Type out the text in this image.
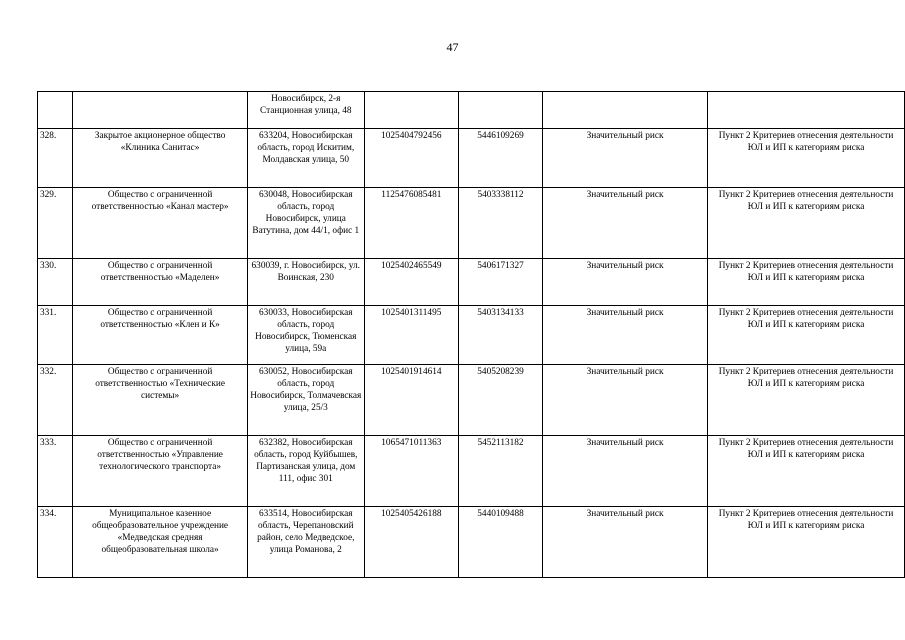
47
		Новосибирск, 2-я Станционная улица, 48				
328.	Закрытое акционерное общество «Клиника Санитас»	633204, Новосибирская область, город Искитим, Молдавская улица, 50	1025404792456	5446109269	Значительный риск	Пункт 2 Критериев отнесения деятельности ЮЛ и ИП к категориям риска
329.	Общество с ограниченной ответственностью «Канал мастер»	630048, Новосибирская область, город Новосибирск, улица Ватутина, дом 44/1, офис 1	1125476085481	5403338112	Значительный риск	Пункт 2 Критериев отнесения деятельности ЮЛ и ИП к категориям риска
330.	Общество с ограниченной ответственностью «Маделен»	630039, г. Новосибирск, ул. Воинская, 230	1025402465549	5406171327	Значительный риск	Пункт 2 Критериев отнесения деятельности ЮЛ и ИП к категориям риска
331.	Общество с ограниченной ответственностью «Клен и К»	630033, Новосибирская область, город Новосибирск, Тюменская улица, 59а	1025401311495	5403134133	Значительный риск	Пункт 2 Критериев отнесения деятельности ЮЛ и ИП к категориям риска
332.	Общество с ограниченной ответственностью «Технические системы»	630052, Новосибирская область, город Новосибирск, Толмачевская улица, 25/3	1025401914614	5405208239	Значительный риск	Пункт 2 Критериев отнесения деятельности ЮЛ и ИП к категориям риска
333.	Общество с ограниченной ответственностью «Управление технологического транспорта»	632382, Новосибирская область, город Куйбышев, Партизанская улица, дом 111, офис 301	1065471011363	5452113182	Значительный риск	Пункт 2 Критериев отнесения деятельности ЮЛ и ИП к категориям риска
334.	Муниципальное казенное общеобразовательное учреждение «Медведская средняя общеобразовательная школа»	633514, Новосибирская область, Черепановский район, село Медведское, улица Романова, 2	1025405426188	5440109488	Значительный риск	Пункт 2 Критериев отнесения деятельности ЮЛ и ИП к категориям риска
